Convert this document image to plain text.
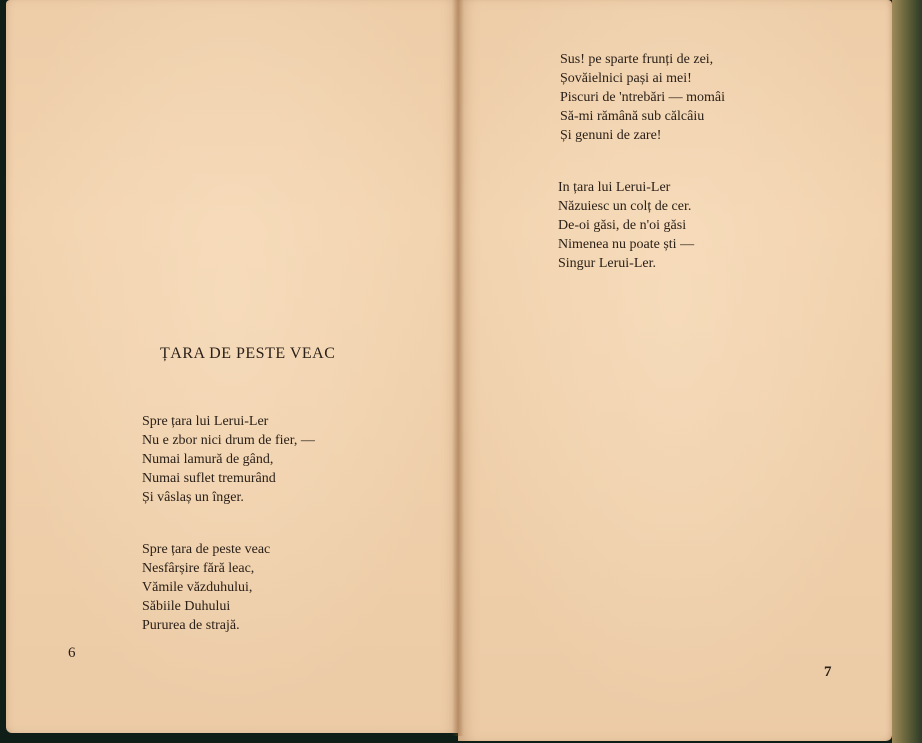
ȚARA DE PESTE VEAC
Spre țara lui Lerui-Ler
Nu e zbor nici drum de fier, —
Numai lamură de gând,
Numai suflet tremurând
Și vâslaș un înger.
Spre țara de peste veac
Nesfârșire fără leac,
Vămile văzduhului,
Săbiile Duhului
Pururea de strajă.
6
Sus! pe sparte frunți de zei,
Șovăielnici pași ai mei!
Piscuri de 'ntrebări — momâi
Să-mi rămână sub călcâiu
Și genuni de zare!
In țara lui Lerui-Ler
Năzuiesc un colț de cer.
De-oi găsi, de n'oi găsi
Nimenea nu poate ști —
Singur Lerui-Ler.
7
